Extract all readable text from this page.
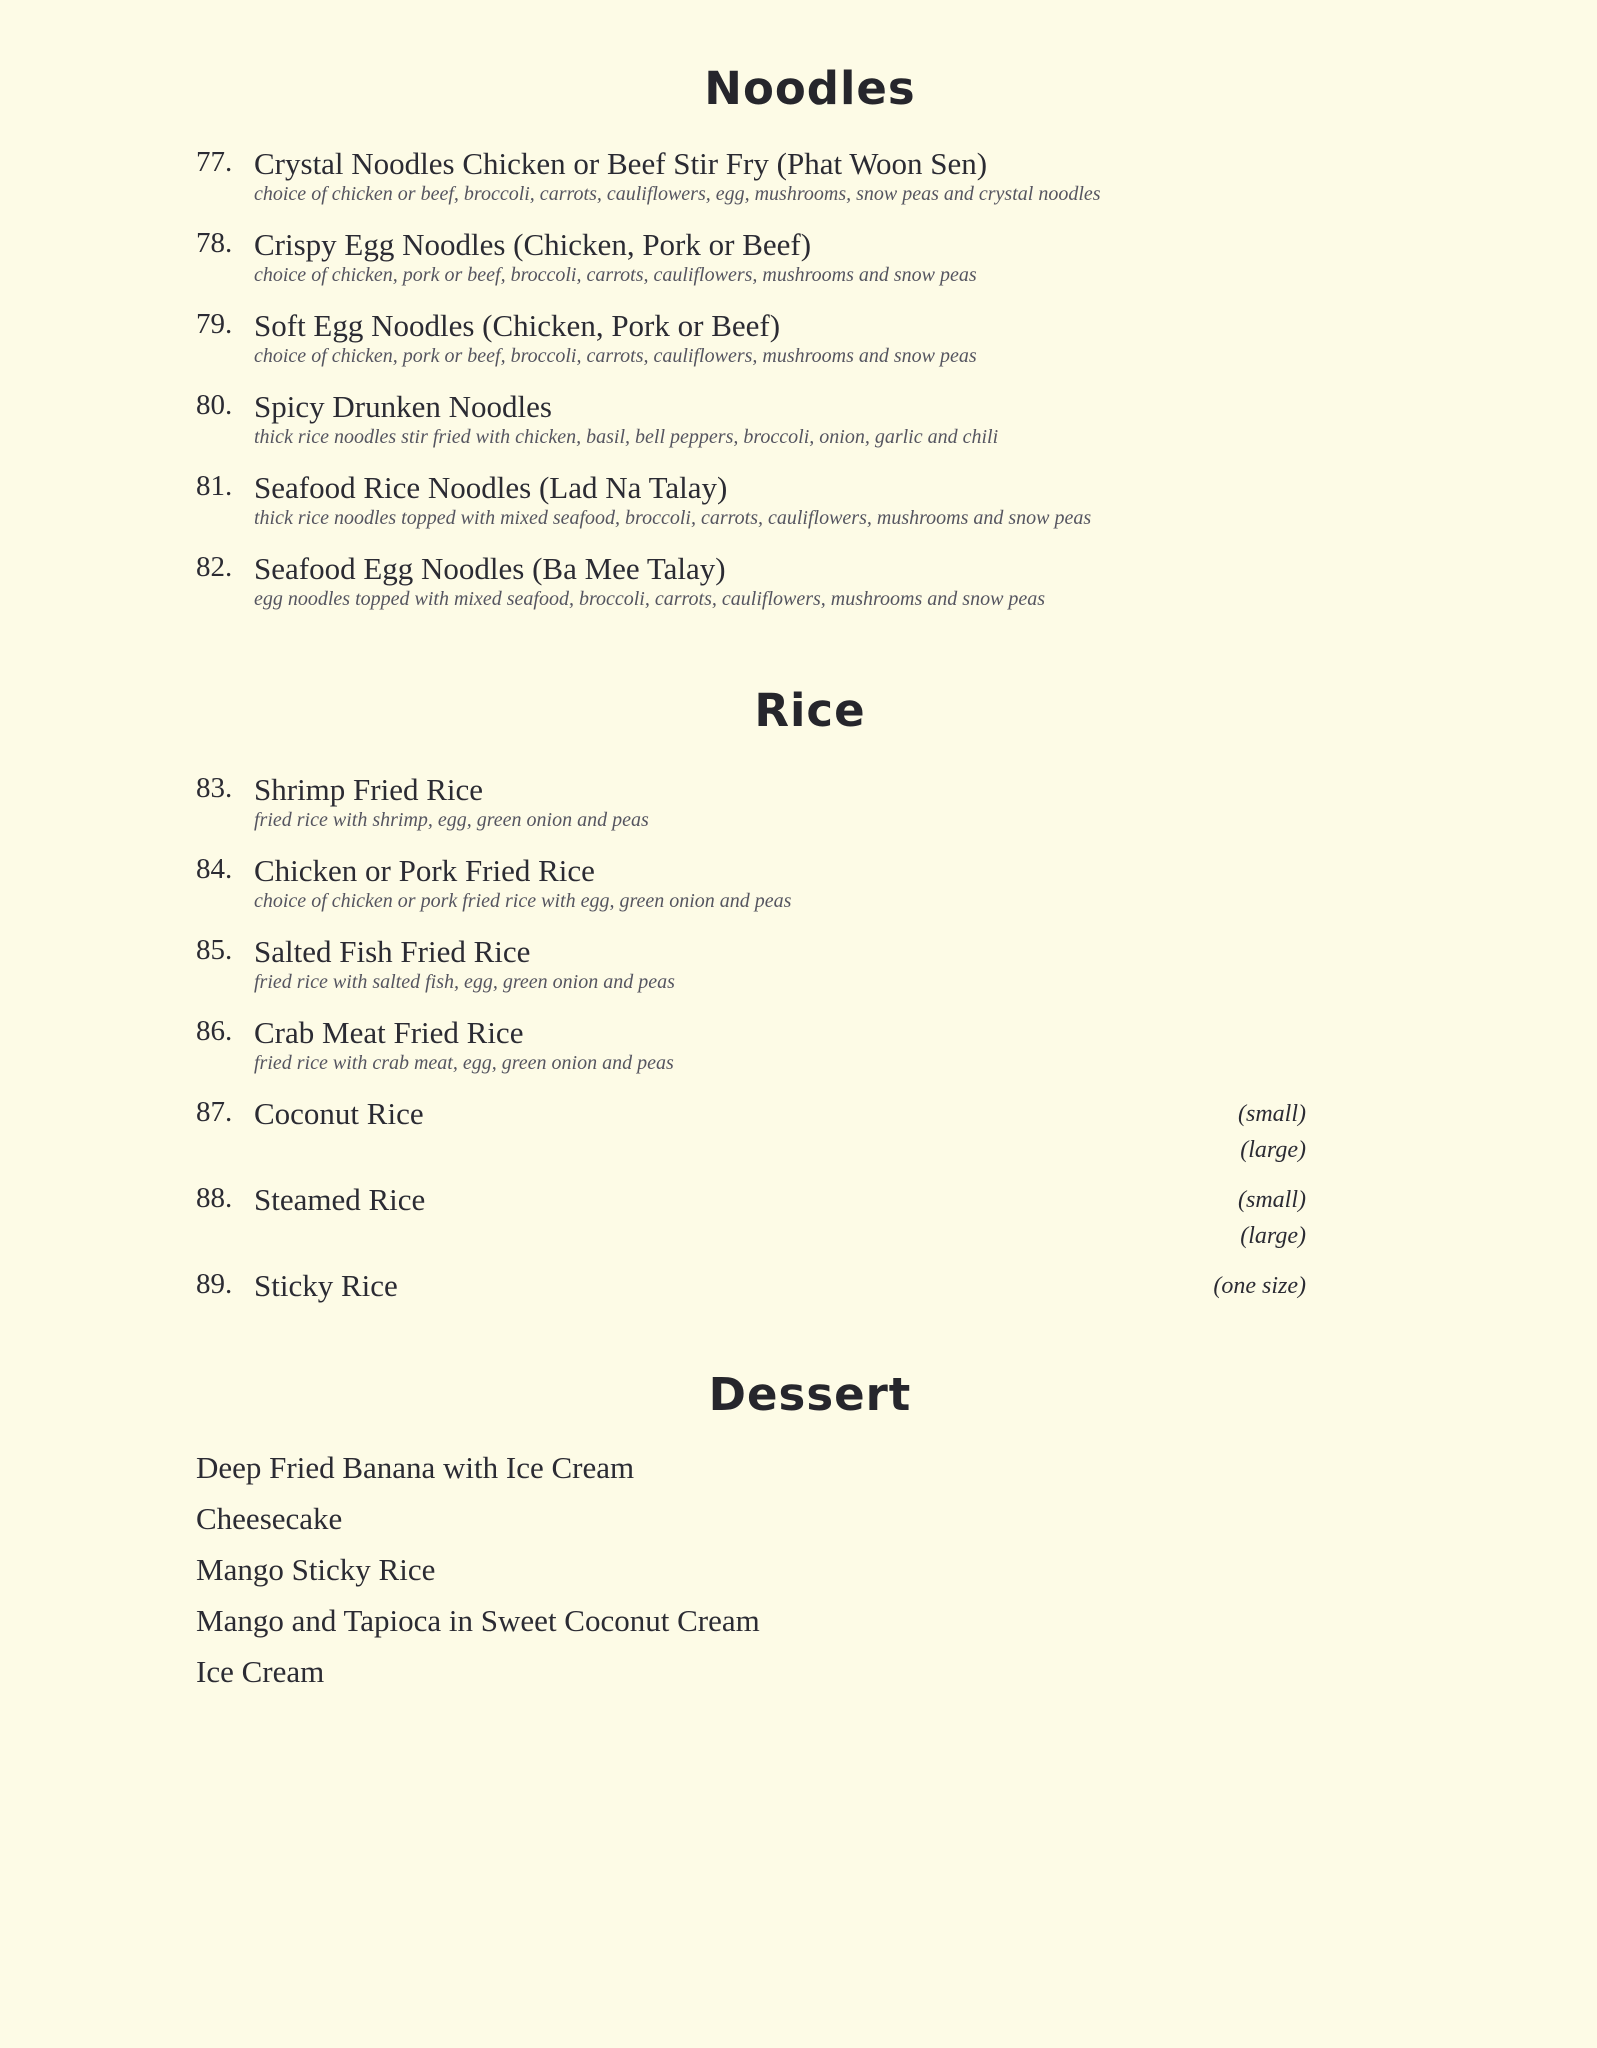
Noodles
77. Crystal Noodles Chicken or Beef Stir Fry (Phat Woon Sen)
choice of chicken or beef, broccoli, carrots, cauliflowers, egg, mushrooms, snow peas and crystal noodles
78. Crispy Egg Noodles (Chicken, Pork or Beef)
choice of chicken, pork or beef, broccoli, carrots, cauliflowers, mushrooms and snow peas
79. Soft Egg Noodles (Chicken, Pork or Beef)
choice of chicken, pork or beef, broccoli, carrots, cauliflowers, mushrooms and snow peas
80. Spicy Drunken Noodles
thick rice noodles stir fried with chicken, basil, bell peppers, broccoli, onion, garlic and chili
81. Seafood Rice Noodles (Lad Na Talay)
thick rice noodles topped with mixed seafood, broccoli, carrots, cauliflowers, mushrooms and snow peas
82. Seafood Egg Noodles (Ba Mee Talay)
egg noodles topped with mixed seafood, broccoli, carrots, cauliflowers, mushrooms and snow peas
Rice
83. Shrimp Fried Rice
fried rice with shrimp, egg, green onion and peas
84. Chicken or Pork Fried Rice
choice of chicken or pork fried rice with egg, green onion and peas
85. Salted Fish Fried Rice
fried rice with salted fish, egg, green onion and peas
86. Crab Meat Fried Rice
fried rice with crab meat, egg, green onion and peas
87. Coconut Rice	(small)
(large)
88. Steamed Rice	(small)
(large)
89. Sticky Rice	(one size)
Dessert
Deep Fried Banana with Ice Cream
Cheesecake
Mango Sticky Rice
Mango and Tapioca in Sweet Coconut Cream
Ice Cream
